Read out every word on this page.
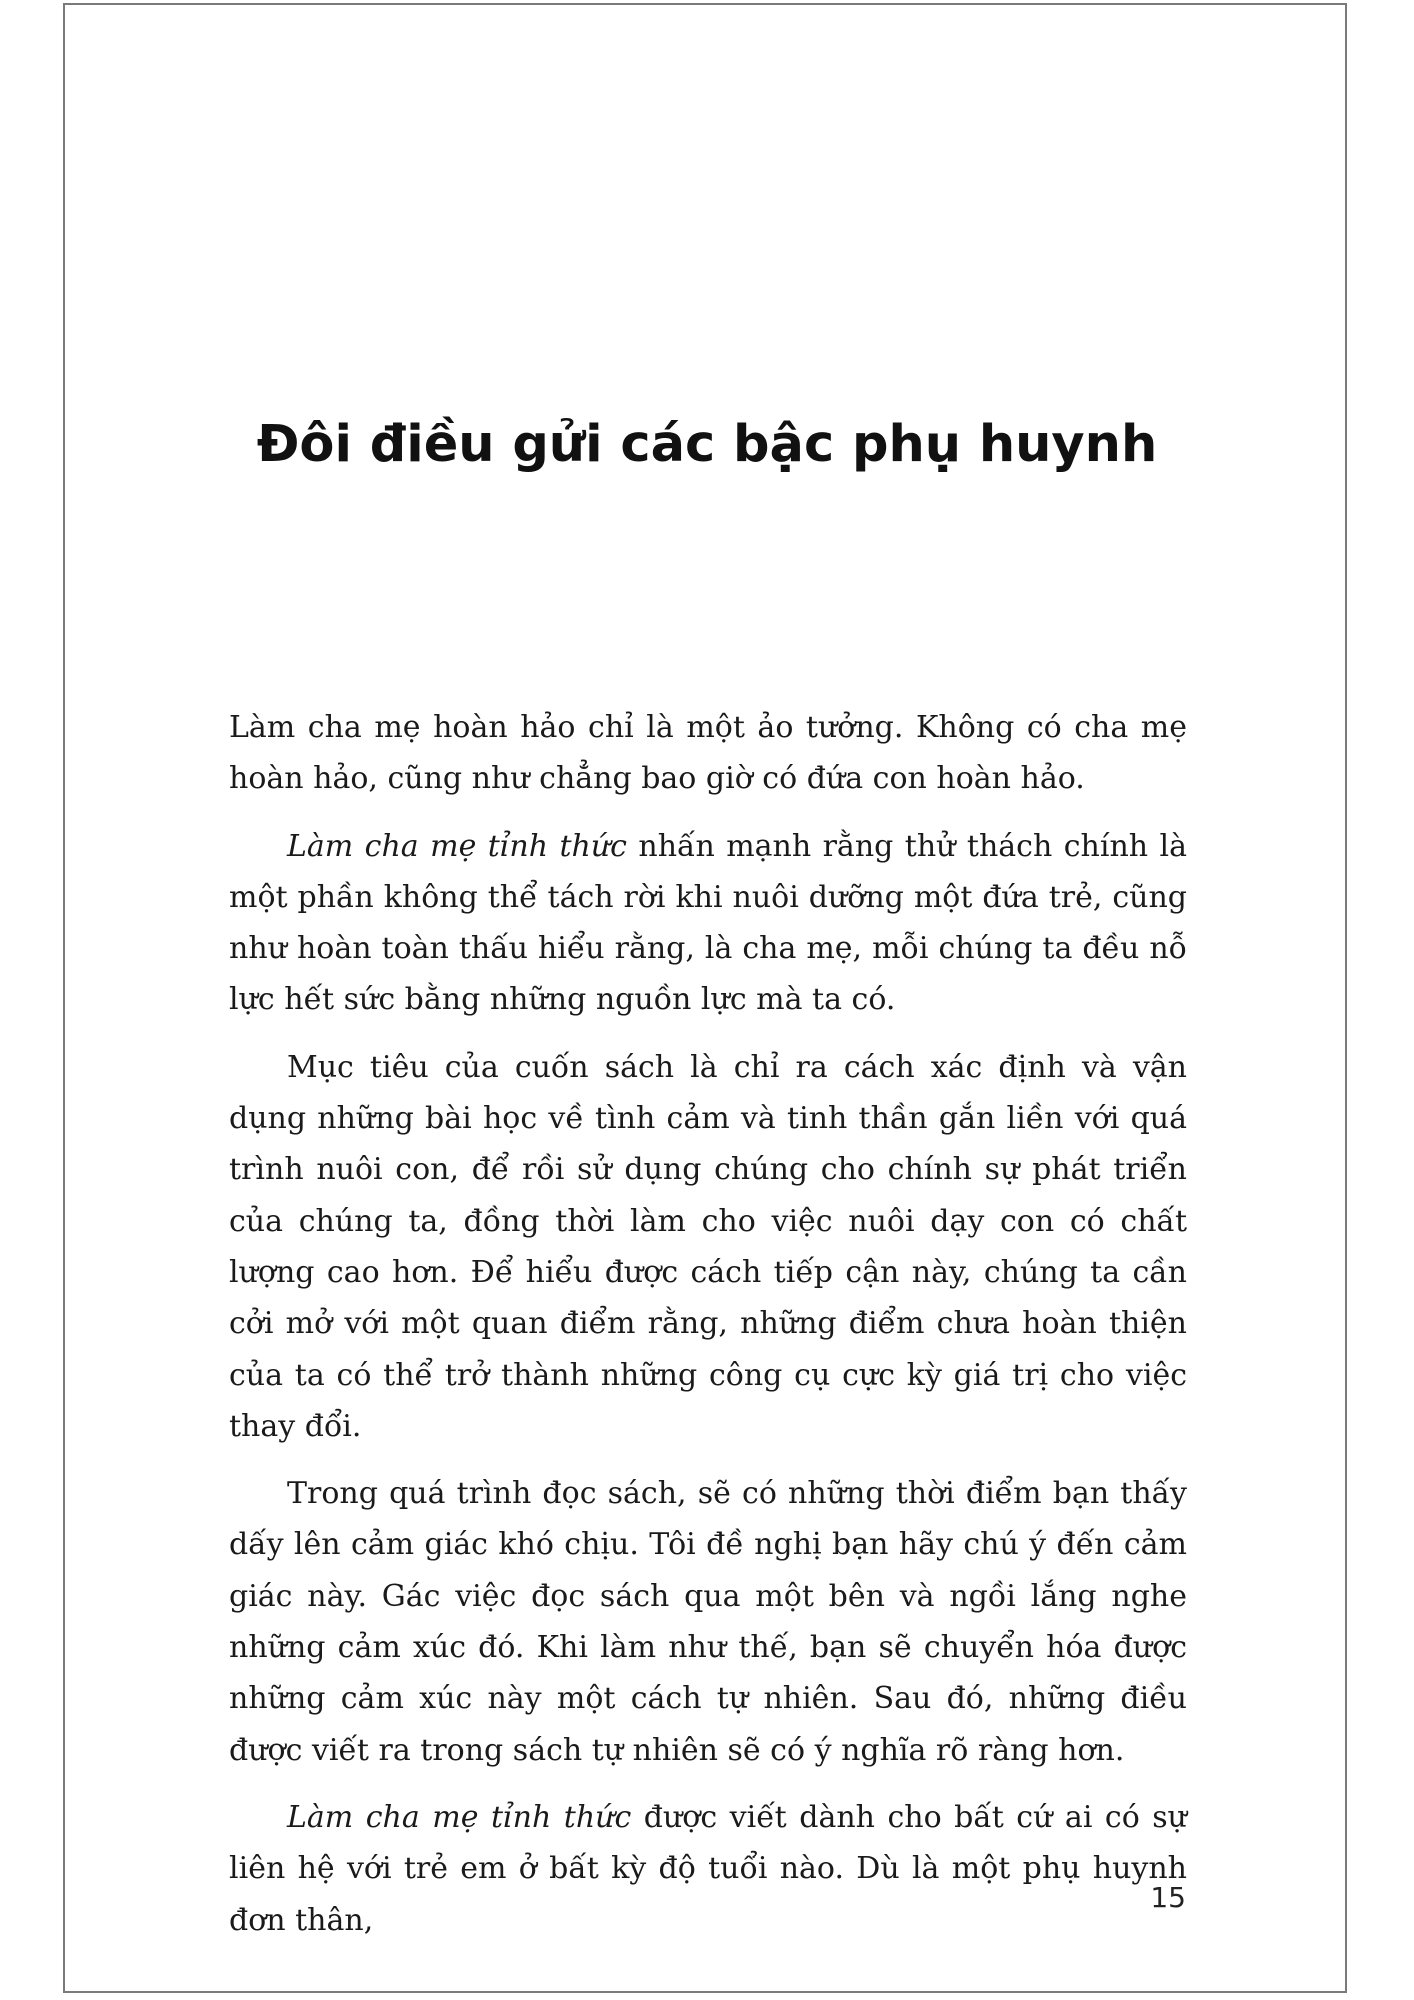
Đôi điều gửi các bậc phụ huynh

Làm cha mẹ hoàn hảo chỉ là một ảo tưởng. Không có cha mẹ hoàn hảo, cũng như chẳng bao giờ có đứa con hoàn hảo.

Làm cha mẹ tỉnh thức nhấn mạnh rằng thử thách chính là một phần không thể tách rời khi nuôi dưỡng một đứa trẻ, cũng như hoàn toàn thấu hiểu rằng, là cha mẹ, mỗi chúng ta đều nỗ lực hết sức bằng những nguồn lực mà ta có.

Mục tiêu của cuốn sách là chỉ ra cách xác định và vận dụng những bài học về tình cảm và tinh thần gắn liền với quá trình nuôi con, để rồi sử dụng chúng cho chính sự phát triển của chúng ta, đồng thời làm cho việc nuôi dạy con có chất lượng cao hơn. Để hiểu được cách tiếp cận này, chúng ta cần cởi mở với một quan điểm rằng, những điểm chưa hoàn thiện của ta có thể trở thành những công cụ cực kỳ giá trị cho việc thay đổi.

Trong quá trình đọc sách, sẽ có những thời điểm bạn thấy dấy lên cảm giác khó chịu. Tôi đề nghị bạn hãy chú ý đến cảm giác này. Gác việc đọc sách qua một bên và ngồi lắng nghe những cảm xúc đó. Khi làm như thế, bạn sẽ chuyển hóa được những cảm xúc này một cách tự nhiên. Sau đó, những điều được viết ra trong sách tự nhiên sẽ có ý nghĩa rõ ràng hơn.

Làm cha mẹ tỉnh thức được viết dành cho bất cứ ai có sự liên hệ với trẻ em ở bất kỳ độ tuổi nào. Dù là một phụ huynh đơn thân,

15
